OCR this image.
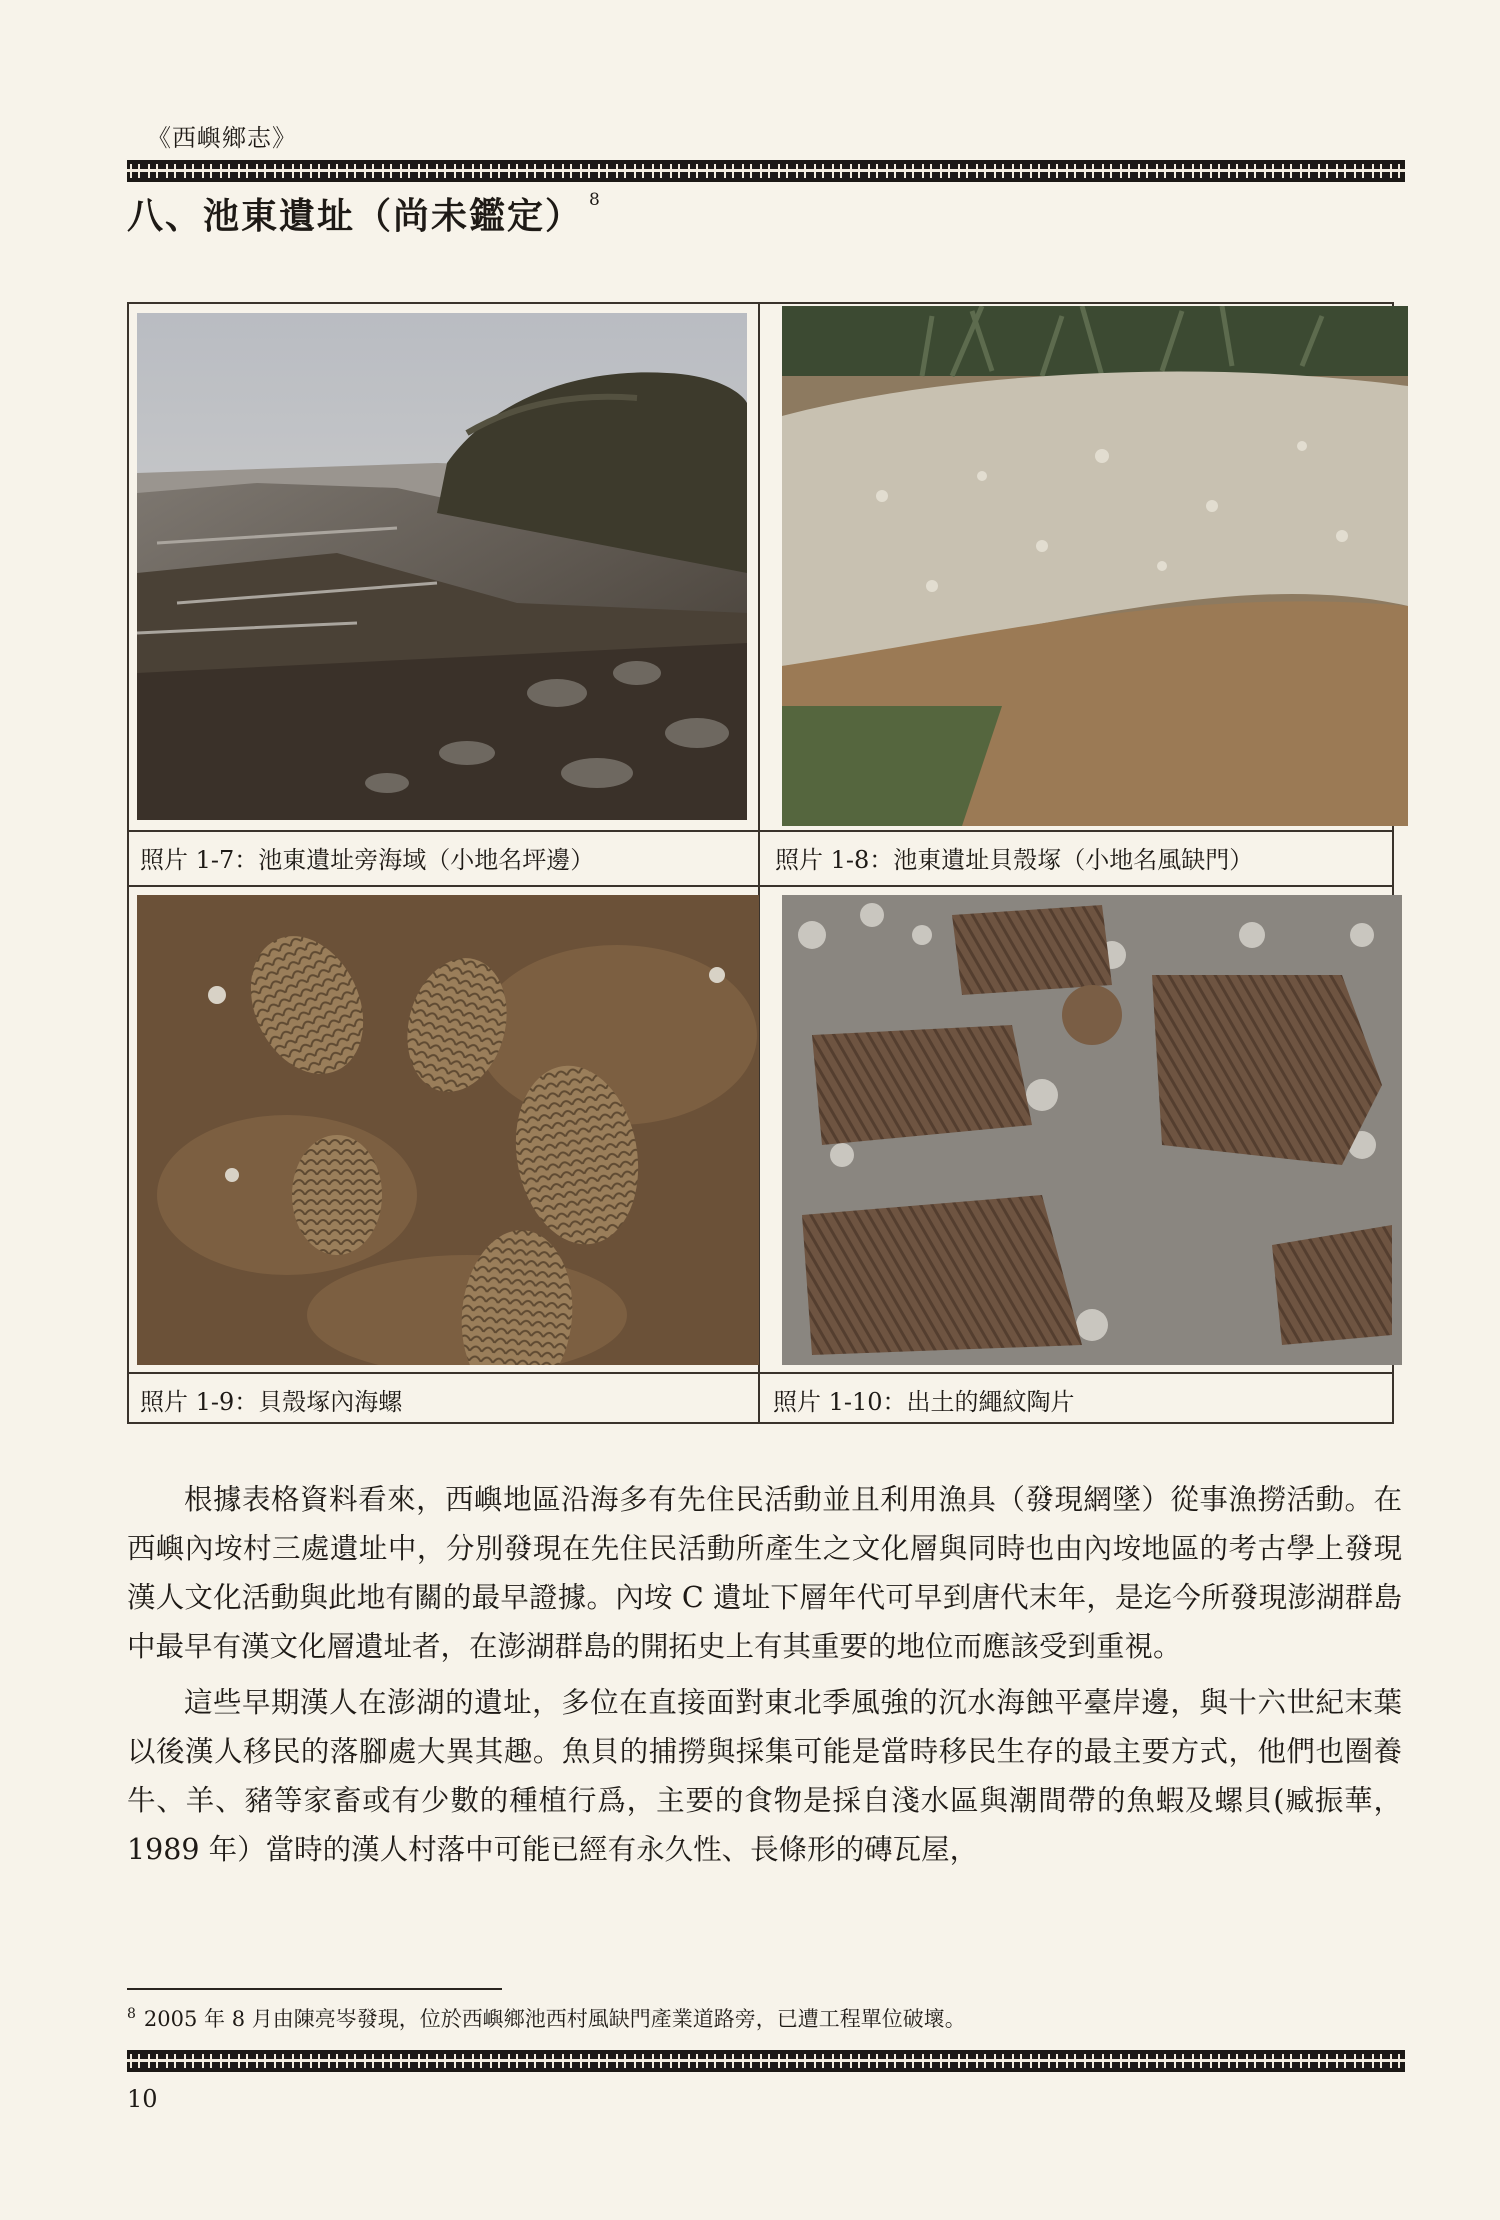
《西嶼鄉志》
八、池東遺址（尚未鑑定） $^8$
照片 1-7：池東遺址旁海域（小地名坪邊）	照片 1-8：池東遺址貝殼塚（小地名風缺門）
照片 1-9：貝殼塚內海螺	照片 1-10：出土的繩紋陶片

根據表格資料看來，西嶼地區沿海多有先住民活動並且利用漁具（發現網墜）從事漁撈活動。在西嶼內垵村三處遺址中，分別發現在先住民活動所產生之文化層與同時也由內垵地區的考古學上發現漢人文化活動與此地有關的最早證據。內垵 C 遺址下層年代可早到唐代末年，是迄今所發現澎湖群島中最早有漢文化層遺址者，在澎湖群島的開拓史上有其重要的地位而應該受到重視。

這些早期漢人在澎湖的遺址，多位在直接面對東北季風強的沉水海蝕平臺岸邊，與十六世紀末葉以後漢人移民的落腳處大異其趣。魚貝的捕撈與採集可能是當時移民生存的最主要方式，他們也圈養牛、羊、豬等家畜或有少數的種植行爲，主要的食物是採自淺水區與潮間帶的魚蝦及螺貝(臧振華，1989 年）當時的漢人村落中可能已經有永久性、長條形的磚瓦屋，

$^8$ 2005 年 8 月由陳亮岑發現，位於西嶼鄉池西村風缺門產業道路旁，已遭工程單位破壞。
10
